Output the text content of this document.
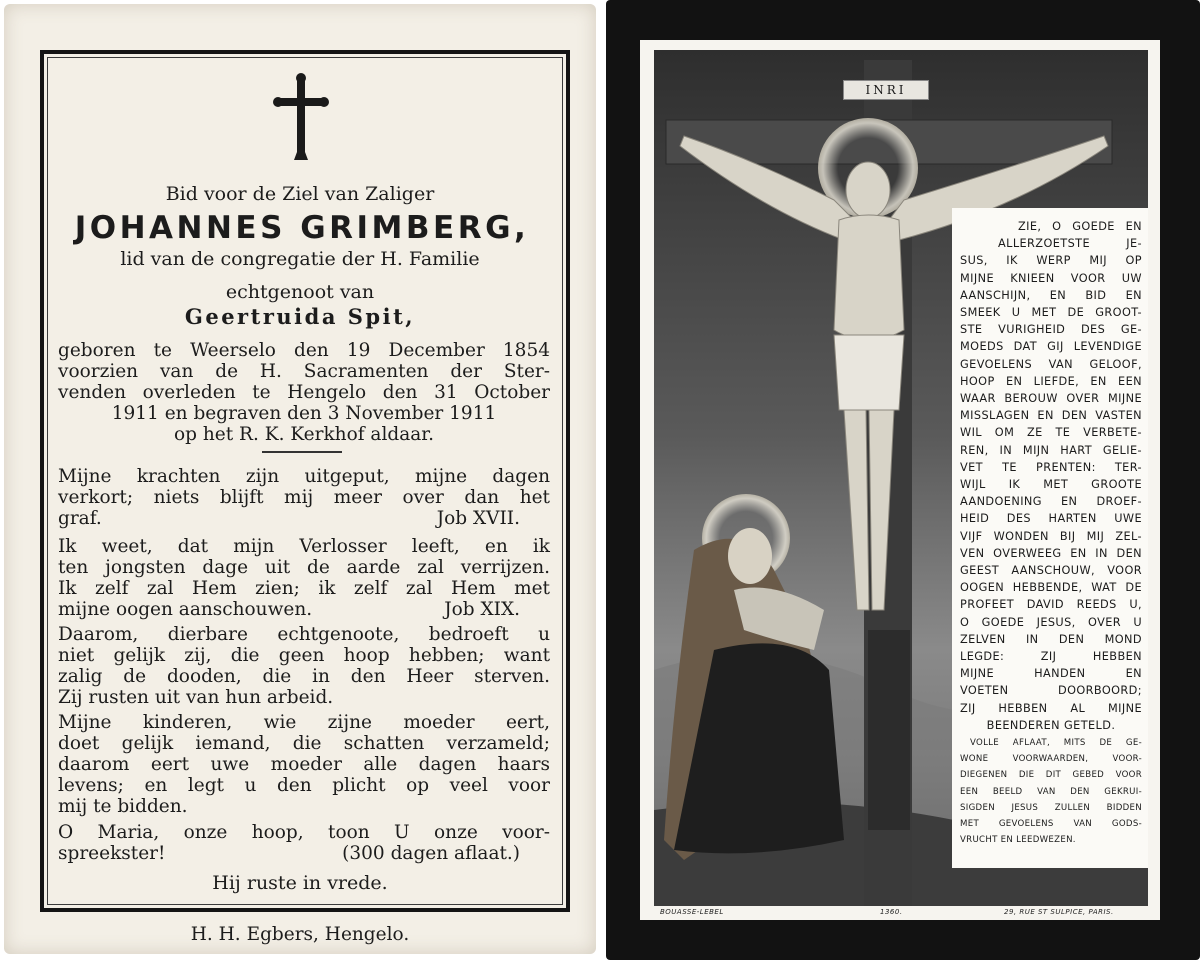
Bid voor de Ziel van Zaliger
JOHANNES GRIMBERG,
lid van de congregatie der H. Familie
echtgenoot van
Geertruida Spit,
geboren te Weerselo den 19 December 1854
voorzien van de H. Sacramenten der Ster-
venden overleden te Hengelo den 31 October
1911 en begraven den 3 November 1911
op het R. K. Kerkhof aldaar.
Mijne krachten zijn uitgeput, mijne dagen
verkort; niets blijft mij meer over dan het
graf.	Job XVII.
Ik weet, dat mijn Verlosser leeft, en ik
ten jongsten dage uit de aarde zal verrijzen.
Ik zelf zal Hem zien; ik zelf zal Hem met
mijne oogen aanschouwen.	Job XIX.
Daarom, dierbare echtgenoote, bedroeft u
niet gelijk zij, die geen hoop hebben; want
zalig de dooden, die in den Heer sterven.
Zij rusten uit van hun arbeid.
Mijne kinderen, wie zijne moeder eert,
doet gelijk iemand, die schatten verzameld;
daarom eert uwe moeder alle dagen haars
levens; en legt u den plicht op veel voor
mij te bidden.
O Maria, onze hoop, toon U onze voor-
spreekster!	(300 dagen aflaat.)
Hij ruste in vrede.
H. H. Egbers, Hengelo.
INRI
ZIE, O GOEDE EN
ALLERZOETSTE JE-
SUS, IK WERP MIJ OP
MIJNE KNIEEN VOOR UW
AANSCHIJN, EN BID EN
SMEEK U MET DE GROOT-
STE VURIGHEID DES GE-
MOEDS DAT GIJ LEVENDIGE
GEVOELENS VAN GELOOF,
HOOP EN LIEFDE, EN EEN
WAAR BEROUW OVER MIJNE
MISSLAGEN EN DEN VASTEN
WIL OM ZE TE VERBETE-
REN, IN MIJN HART GELIE-
VET TE PRENTEN: TER-
WIJL IK MET GROOTE
AANDOENING EN DROEF-
HEID DES HARTEN UWE
VIJF WONDEN BIJ MIJ ZEL-
VEN OVERWEEG EN IN DEN
GEEST AANSCHOUW, VOOR
OOGEN HEBBENDE, WAT DE
PROFEET DAVID REEDS U,
O GOEDE JESUS, OVER U
ZELVEN IN DEN MOND
LEGDE: ZIJ HEBBEN
MIJNE HANDEN EN
VOETEN DOORBOORD;
ZIJ HEBBEN AL MIJNE
BEENDEREN GETELD.
VOLLE AFLAAT, MITS DE GE-
WONE VOORWAARDEN, VOOR-
DIEGENEN DIE DIT GEBED VOOR
EEN BEELD VAN DEN GEKRUI-
SIGDEN JESUS ZULLEN BIDDEN
MET GEVOELENS VAN GODS-
VRUCHT EN LEEDWEZEN.
BOUASSE-LEBEL	1360.	29, RUE ST SULPICE, PARIS.
